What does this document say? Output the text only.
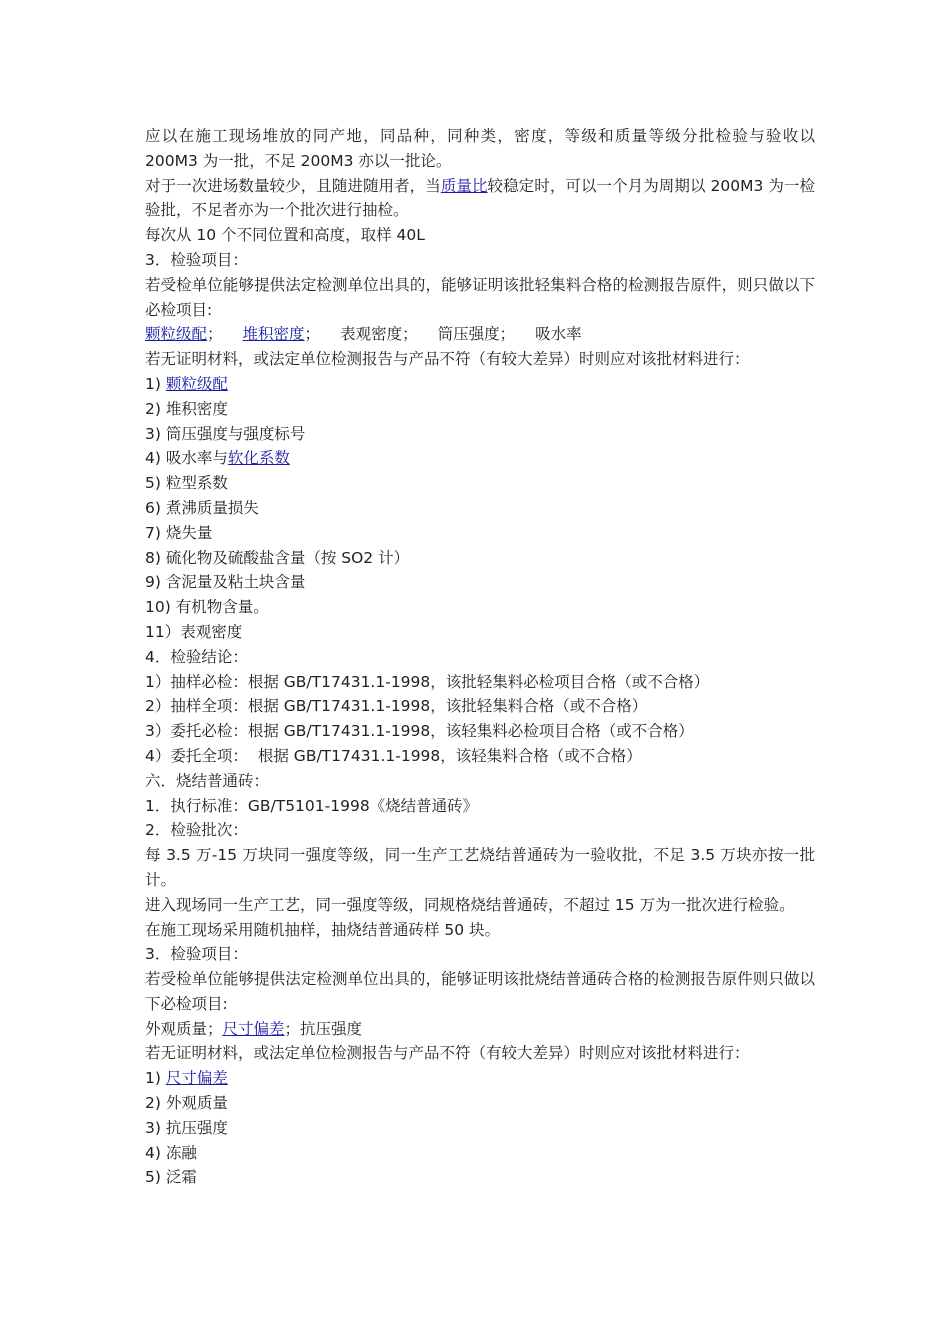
应以在施工现场堆放的同产地，同品种，同种类，密度，等级和质量等级分批检验与验收以 200M3 为一批，不足 200M3 亦以一批论。

对于一次进场数量较少，且随进随用者，当质量比较稳定时，可以一个月为周期以 200M3 为一检验批，不足者亦为一个批次进行抽检。

每次从 10 个不同位置和高度，取样 40L

3．检验项目：

若受检单位能够提供法定检测单位出具的，能够证明该批轻集料合格的检测报告原件，则只做以下必检项目:

颗粒级配； 堆积密度； 表观密度； 筒压强度； 吸水率

若无证明材料，或法定单位检测报告与产品不符（有较大差异）时则应对该批材料进行：

1) 颗粒级配

2) 堆积密度

3) 筒压强度与强度标号

4) 吸水率与软化系数

5) 粒型系数

6) 煮沸质量损失

7) 烧失量

8) 硫化物及硫酸盐含量（按 SO2 计）

9) 含泥量及粘土块含量

10) 有机物含量。

11）表观密度

4．检验结论：

1）抽样必检：根据 GB/T17431.1-1998，该批轻集料必检项目合格（或不合格）

2）抽样全项：根据 GB/T17431.1-1998，该批轻集料合格（或不合格）

3）委托必检：根据 GB/T17431.1-1998，该轻集料必检项目合格（或不合格）

4）委托全项： 根据 GB/T17431.1-1998，该轻集料合格（或不合格）

六．烧结普通砖：

1．执行标准：GB/T5101-1998《烧结普通砖》

2．检验批次：

每 3.5 万-15 万块同一强度等级，同一生产工艺烧结普通砖为一验收批，不足 3.5 万块亦按一批计。

进入现场同一生产工艺，同一强度等级，同规格烧结普通砖，不超过 15 万为一批次进行检验。

在施工现场采用随机抽样，抽烧结普通砖样 50 块。

3．检验项目：

若受检单位能够提供法定检测单位出具的，能够证明该批烧结普通砖合格的检测报告原件则只做以下必检项目:

外观质量；尺寸偏差；抗压强度

若无证明材料，或法定单位检测报告与产品不符（有较大差异）时则应对该批材料进行：

1) 尺寸偏差

2) 外观质量

3) 抗压强度

4) 冻融

5) 泛霜
